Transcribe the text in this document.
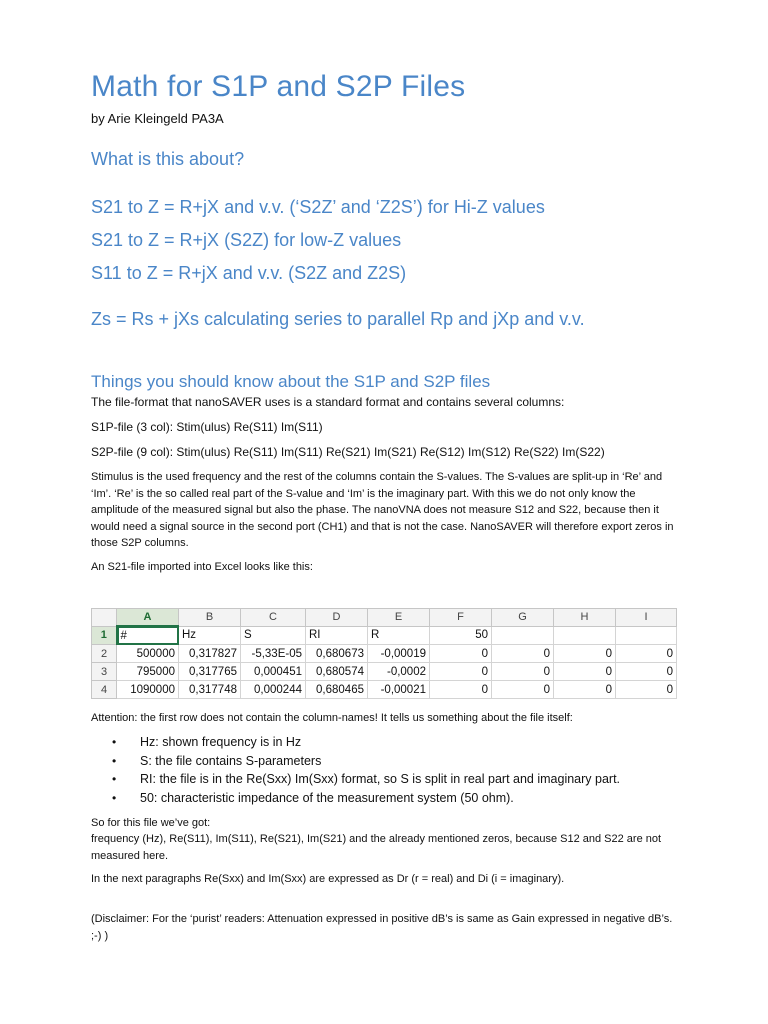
Math for S1P and S2P Files
by Arie Kleingeld PA3A
What is this about?
S21 to Z = R+jX and v.v. (‘S2Z’ and ‘Z2S’) for Hi-Z values
S21 to Z = R+jX (S2Z) for low-Z values
S11 to Z = R+jX and v.v. (S2Z and Z2S)
Zs = Rs + jXs calculating series to parallel Rp and jXp and v.v.
Things you should know about the S1P and S2P files
The file-format that nanoSAVER uses is a standard format and contains several columns:
S1P-file (3 col): Stim(ulus) Re(S11) Im(S11)
S2P-file (9 col): Stim(ulus) Re(S11) Im(S11) Re(S21) Im(S21) Re(S12) Im(S12) Re(S22) Im(S22)
Stimulus is the used frequency and the rest of the columns contain the S-values. The S-values are split-up in ‘Re’ and ‘Im’. ‘Re’ is the so called real part of the S-value and ‘Im’ is the imaginary part. With this we do not only know the amplitude of the measured signal but also the phase. The nanoVNA does not measure S12 and S22, because then it would need a signal source in the second port (CH1) and that is not the case. NanoSAVER will therefore export zeros in those S2P columns.
An S21-file imported into Excel looks like this:
	A	B	C	D	E	F	G	H	I
1	#	Hz	S	RI	R	50			
2	500000	0,317827	-5,33E-05	0,680673	-0,00019	0	0	0	0
3	795000	0,317765	0,000451	0,680574	-0,0002	0	0	0	0
4	1090000	0,317748	0,000244	0,680465	-0,00021	0	0	0	0
Attention: the first row does not contain the column-names! It tells us something about the file itself:
• Hz: shown frequency is in Hz
• S: the file contains S-parameters
• RI: the file is in the Re(Sxx) Im(Sxx) format, so S is split in real part and imaginary part.
• 50: characteristic impedance of the measurement system (50 ohm).
So for this file we’ve got:
frequency (Hz), Re(S11), Im(S11), Re(S21), Im(S21) and the already mentioned zeros, because S12 and S22 are not measured here.
In the next paragraphs Re(Sxx) and Im(Sxx) are expressed as Dr (r = real) and Di (i = imaginary).
(Disclaimer: For the ‘purist’ readers: Attenuation expressed in positive dB’s is same as Gain expressed in negative dB’s. ;-) )
